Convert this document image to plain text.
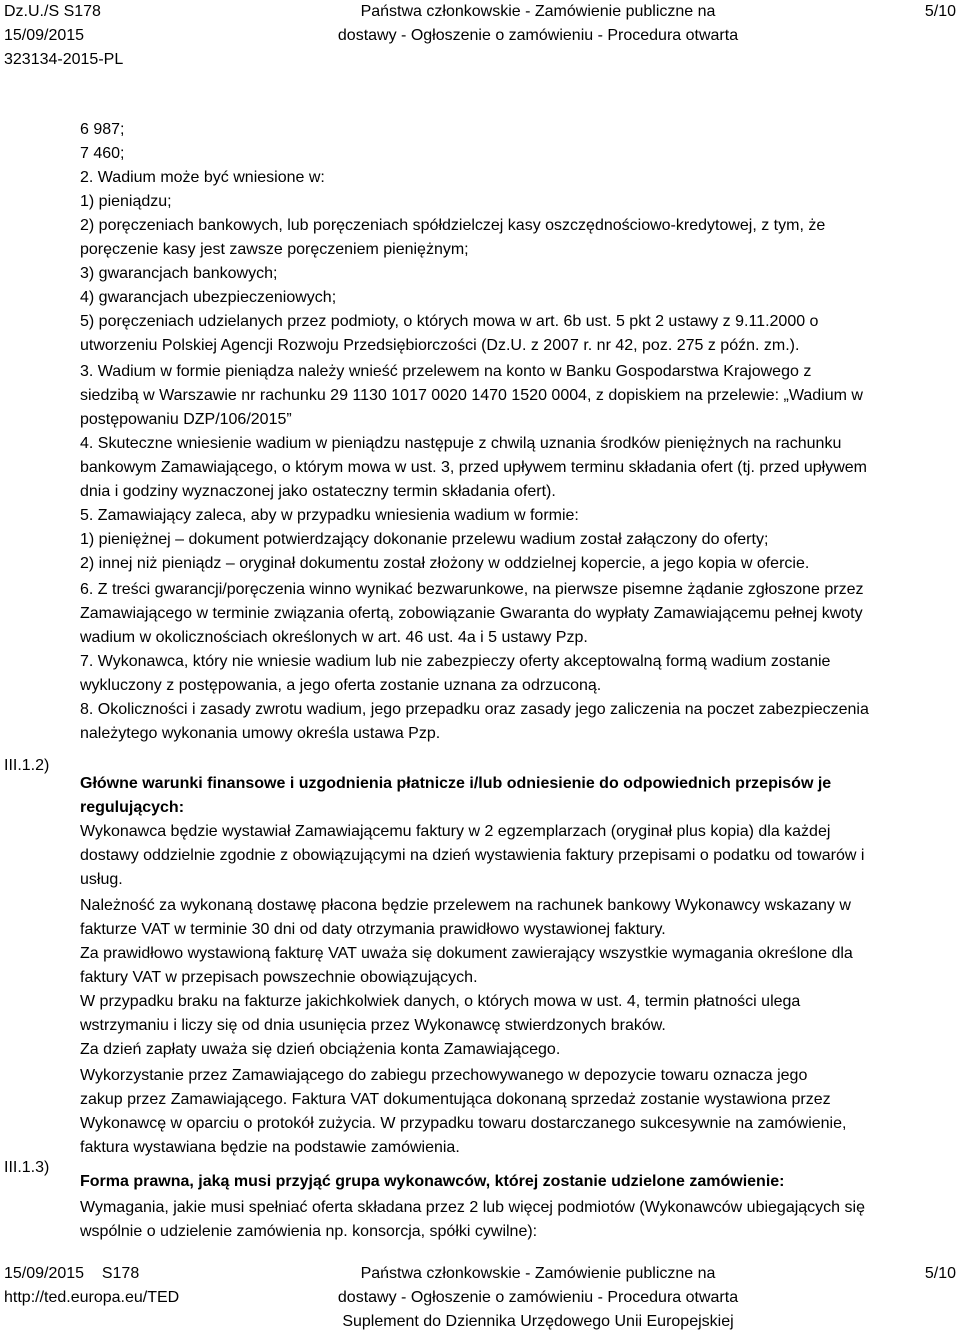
Dz.U./S S178
15/09/2015
323134-2015-PL
Państwa członkowskie - Zamówienie publiczne na
dostawy - Ogłoszenie o zamówieniu - Procedura otwarta
5/10
6 987;
7 460;
2. Wadium może być wniesione w:
1) pieniądzu;
2) poręczeniach bankowych, lub poręczeniach spółdzielczej kasy oszczędnościowo-kredytowej, z tym, że
poręczenie kasy jest zawsze poręczeniem pieniężnym;
3) gwarancjach bankowych;
4) gwarancjach ubezpieczeniowych;
5) poręczeniach udzielanych przez podmioty, o których mowa w art. 6b ust. 5 pkt 2 ustawy z 9.11.2000 o
utworzeniu Polskiej Agencji Rozwoju Przedsiębiorczości (Dz.U. z 2007 r. nr 42, poz. 275 z późn. zm.).
3. Wadium w formie pieniądza należy wnieść przelewem na konto w Banku Gospodarstwa Krajowego z
siedzibą w Warszawie nr rachunku 29 1130 1017 0020 1470 1520 0004, z dopiskiem na przelewie: „Wadium w
postępowaniu DZP/106/2015”
4. Skuteczne wniesienie wadium w pieniądzu następuje z chwilą uznania środków pieniężnych na rachunku
bankowym Zamawiającego, o którym mowa w ust. 3, przed upływem terminu składania ofert (tj. przed upływem
dnia i godziny wyznaczonej jako ostateczny termin składania ofert).
5. Zamawiający zaleca, aby w przypadku wniesienia wadium w formie:
1) pieniężnej – dokument potwierdzający dokonanie przelewu wadium został załączony do oferty;
2) innej niż pieniądz – oryginał dokumentu został złożony w oddzielnej kopercie, a jego kopia w ofercie.
6. Z treści gwarancji/poręczenia winno wynikać bezwarunkowe, na pierwsze pisemne żądanie zgłoszone przez
Zamawiającego w terminie związania ofertą, zobowiązanie Gwaranta do wypłaty Zamawiającemu pełnej kwoty
wadium w okolicznościach określonych w art. 46 ust. 4a i 5 ustawy Pzp.
7. Wykonawca, który nie wniesie wadium lub nie zabezpieczy oferty akceptowalną formą wadium zostanie
wykluczony z postępowania, a jego oferta zostanie uznana za odrzuconą.
8. Okoliczności i zasady zwrotu wadium, jego przepadku oraz zasady jego zaliczenia na poczet zabezpieczenia
należytego wykonania umowy określa ustawa Pzp.
III.1.2)
Główne warunki finansowe i uzgodnienia płatnicze i/lub odniesienie do odpowiednich przepisów je
regulujących:
Wykonawca będzie wystawiał Zamawiającemu faktury w 2 egzemplarzach (oryginał plus kopia) dla każdej
dostawy oddzielnie zgodnie z obowiązującymi na dzień wystawienia faktury przepisami o podatku od towarów i
usług.
Należność za wykonaną dostawę płacona będzie przelewem na rachunek bankowy Wykonawcy wskazany w
fakturze VAT w terminie 30 dni od daty otrzymania prawidłowo wystawionej faktury.
Za prawidłowo wystawioną fakturę VAT uważa się dokument zawierający wszystkie wymagania określone dla
faktury VAT w przepisach powszechnie obowiązujących.
W przypadku braku na fakturze jakichkolwiek danych, o których mowa w ust. 4, termin płatności ulega
wstrzymaniu i liczy się od dnia usunięcia przez Wykonawcę stwierdzonych braków.
Za dzień zapłaty uważa się dzień obciążenia konta Zamawiającego.
Wykorzystanie przez Zamawiającego do zabiegu przechowywanego w depozycie towaru oznacza jego
zakup przez Zamawiającego. Faktura VAT dokumentująca dokonaną sprzedaż zostanie wystawiona przez
Wykonawcę w oparciu o protokół zużycia. W przypadku towaru dostarczanego sukcesywnie na zamówienie,
faktura wystawiana będzie na podstawie zamówienia.
III.1.3)
Forma prawna, jaką musi przyjąć grupa wykonawców, której zostanie udzielone zamówienie:
Wymagania, jakie musi spełniać oferta składana przez 2 lub więcej podmiotów (Wykonawców ubiegających się
wspólnie o udzielenie zamówienia np. konsorcja, spółki cywilne):
15/09/2015 S178
http://ted.europa.eu/TED
Państwa członkowskie - Zamówienie publiczne na
dostawy - Ogłoszenie o zamówieniu - Procedura otwarta
Suplement do Dziennika Urzędowego Unii Europejskiej
5/10
